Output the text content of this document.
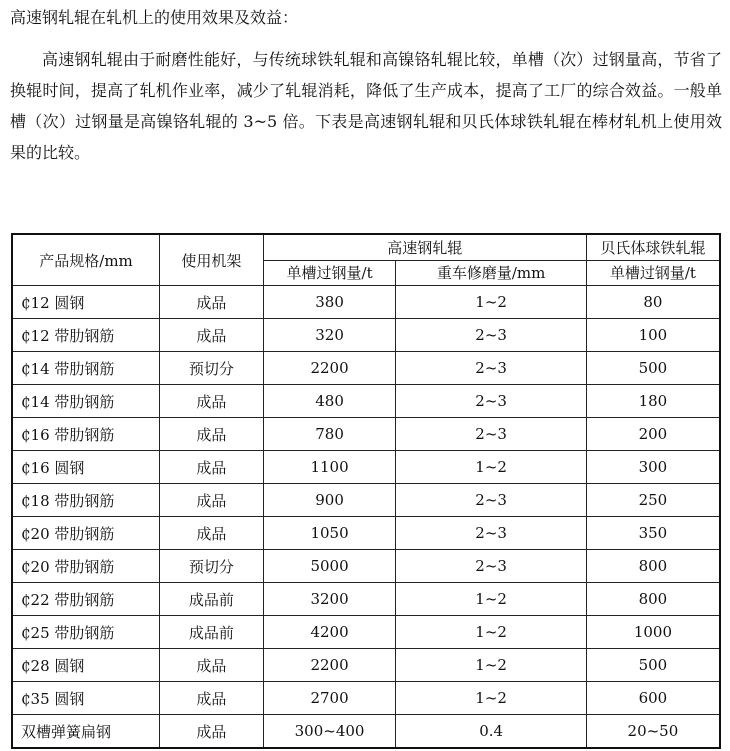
高速钢轧辊在轧机上的使用效果及效益：

高速钢轧辊由于耐磨性能好，与传统球铁轧辊和高镍铬轧辊比较，单槽（次）过钢量高，节省了换辊时间，提高了轧机作业率，减少了轧辊消耗，降低了生产成本，提高了工厂的综合效益。一般单槽（次）过钢量是高镍铬轧辊的 3~5 倍。下表是高速钢轧辊和贝氏体球铁轧辊在棒材轧机上使用效果的比较。

产品规格/mm	使用机架	高速钢轧辊		贝氏体球铁轧辊
		单槽过钢量/t	重车修磨量/mm	单槽过钢量/t
₵12 圆钢	成品	380	1~2	80
₵12 带肋钢筋	成品	320	2~3	100
₵14 带肋钢筋	预切分	2200	2~3	500
₵14 带肋钢筋	成品	480	2~3	180
₵16 带肋钢筋	成品	780	2~3	200
₵16 圆钢	成品	1100	1~2	300
₵18 带肋钢筋	成品	900	2~3	250
₵20 带肋钢筋	成品	1050	2~3	350
₵20 带肋钢筋	预切分	5000	2~3	800
₵22 带肋钢筋	成品前	3200	1~2	800
₵25 带肋钢筋	成品前	4200	1~2	1000
₵28 圆钢	成品	2200	1~2	500
₵35 圆钢	成品	2700	1~2	600
双槽弹簧扁钢	成品	300~400	0.4	20~50
